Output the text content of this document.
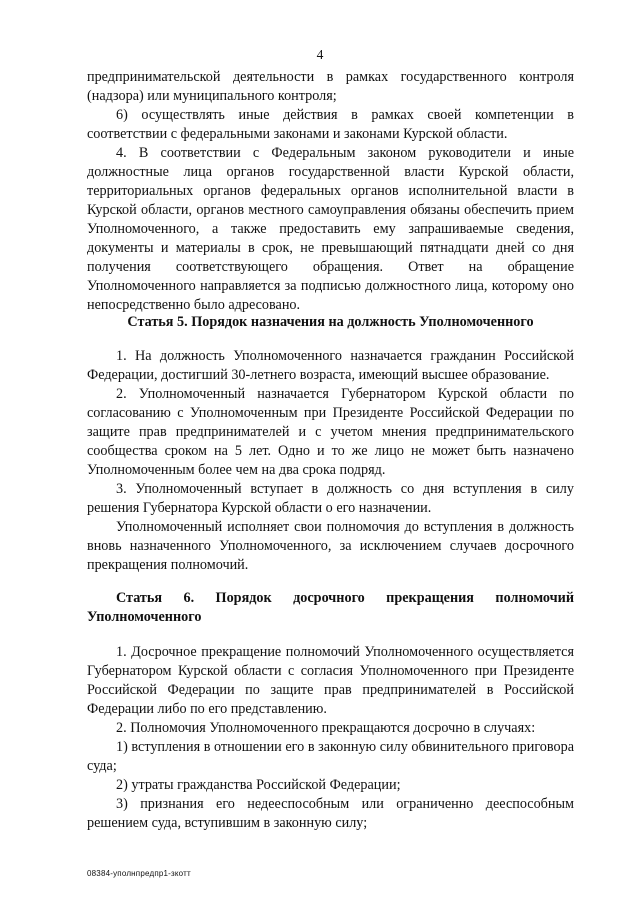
4

предпринимательской деятельности в рамках государственного контроля (надзора) или муниципального контроля;

6) осуществлять иные действия в рамках своей компетенции в соответствии с федеральными законами и законами Курской области.

4. В соответствии с Федеральным законом руководители и иные должностные лица органов государственной власти Курской области, территориальных органов федеральных органов исполнительной власти в Курской области, органов местного самоуправления обязаны обеспечить прием Уполномоченного, а также предоставить ему запрашиваемые сведения, документы и материалы в срок, не превышающий пятнадцати дней со дня получения соответствующего обращения. Ответ на обращение Уполномоченного направляется за подписью должностного лица, которому оно непосредственно было адресовано.

Статья 5. Порядок назначения на должность Уполномоченного

1. На должность Уполномоченного назначается гражданин Российской Федерации, достигший 30-летнего возраста, имеющий высшее образование.

2. Уполномоченный назначается Губернатором Курской области по согласованию с Уполномоченным при Президенте Российской Федерации по защите прав предпринимателей и с учетом мнения предпринимательского сообщества сроком на 5 лет. Одно и то же лицо не может быть назначено Уполномоченным более чем на два срока подряд.

3. Уполномоченный вступает в должность со дня вступления в силу решения Губернатора Курской области о его назначении.

Уполномоченный исполняет свои полномочия до вступления в должность вновь назначенного Уполномоченного, за исключением случаев досрочного прекращения полномочий.

Статья 6. Порядок досрочного прекращения полномочий Уполномоченного

1. Досрочное прекращение полномочий Уполномоченного осуществляется Губернатором Курской области с согласия Уполномоченного при Президенте Российской Федерации по защите прав предпринимателей в Российской Федерации либо по его представлению.

2. Полномочия Уполномоченного прекращаются досрочно в случаях:

1) вступления в отношении его в законную силу обвинительного приговора суда;

2) утраты гражданства Российской Федерации;

3) признания его недееспособным или ограниченно дееспособным решением суда, вступившим в законную силу;

08384-уполнпредпр1-зкотт
